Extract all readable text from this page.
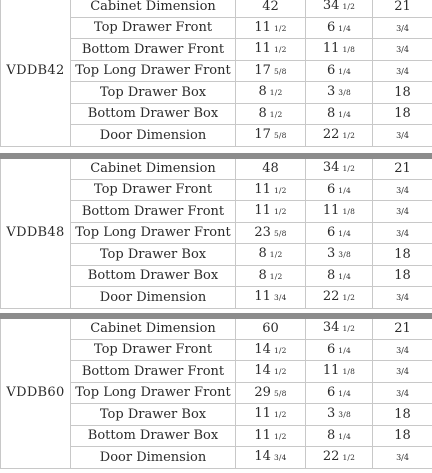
VDDB42	Cabinet Dimension	42	34 1/2	21
	Top Drawer Front	11 1/2	6 1/4	3/4
	Bottom Drawer Front	11 1/2	11 1/8	3/4
	Top Long Drawer Front	17 5/8	6 1/4	3/4
	Top Drawer Box	8 1/2	3 3/8	18
	Bottom Drawer Box	8 1/2	8 1/4	18
	Door Dimension	17 5/8	22 1/2	3/4
VDDB48	Cabinet Dimension	48	34 1/2	21
	Top Drawer Front	11 1/2	6 1/4	3/4
	Bottom Drawer Front	11 1/2	11 1/8	3/4
	Top Long Drawer Front	23 5/8	6 1/4	3/4
	Top Drawer Box	8 1/2	3 3/8	18
	Bottom Drawer Box	8 1/2	8 1/4	18
	Door Dimension	11 3/4	22 1/2	3/4
VDDB60	Cabinet Dimension	60	34 1/2	21
	Top Drawer Front	14 1/2	6 1/4	3/4
	Bottom Drawer Front	14 1/2	11 1/8	3/4
	Top Long Drawer Front	29 5/8	6 1/4	3/4
	Top Drawer Box	11 1/2	3 3/8	18
	Bottom Drawer Box	11 1/2	8 1/4	18
	Door Dimension	14 3/4	22 1/2	3/4
